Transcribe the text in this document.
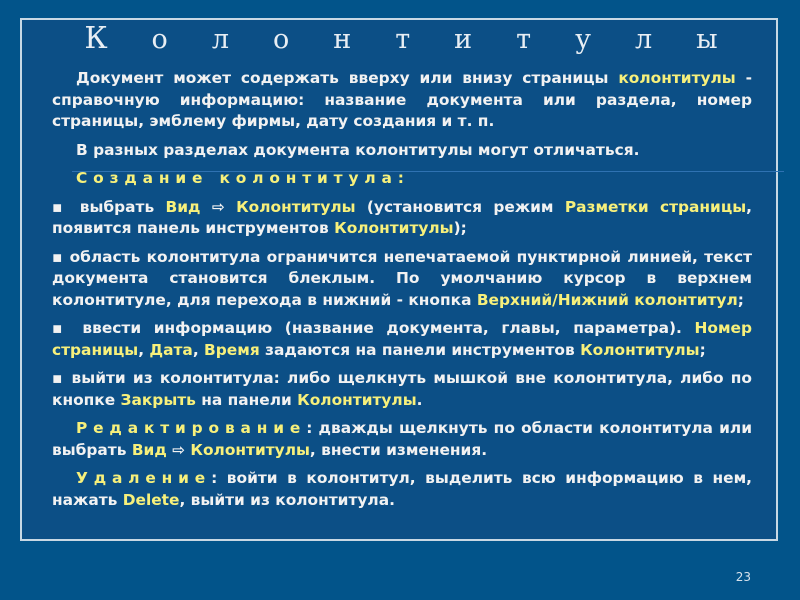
К о л о н т и т у л ы

Документ может содержать вверху или внизу страницы колонтитулы - справочную информацию: название документа или раздела, номер страницы, эмблему фирмы, дату создания и т. п.

В разных разделах документа колонтитулы могут отличаться.

Создание колонтитула:

▪ выбрать Вид ⇨ Колонтитулы (установится режим Разметки страницы, появится панель инструментов Колонтитулы);

▪ область колонтитула ограничится непечатаемой пунктирной линией, текст документа становится блеклым. По умолчанию курсор в верхнем колонтитуле, для перехода в нижний - кнопка Верхний/Нижний колонтитул;

▪ ввести информацию (название документа, главы, параметра). Номер страницы, Дата, Время задаются на панели инструментов Колонтитулы;

▪ выйти из колонтитула: либо щелкнуть мышкой вне колонтитула, либо по кнопке Закрыть на панели Колонтитулы.

Редактирование: дважды щелкнуть по области колонтитула или выбрать Вид ⇨ Колонтитулы, внести изменения.

Удаление: войти в колонтитул, выделить всю информацию в нем, нажать Delete, выйти из колонтитула.

23
